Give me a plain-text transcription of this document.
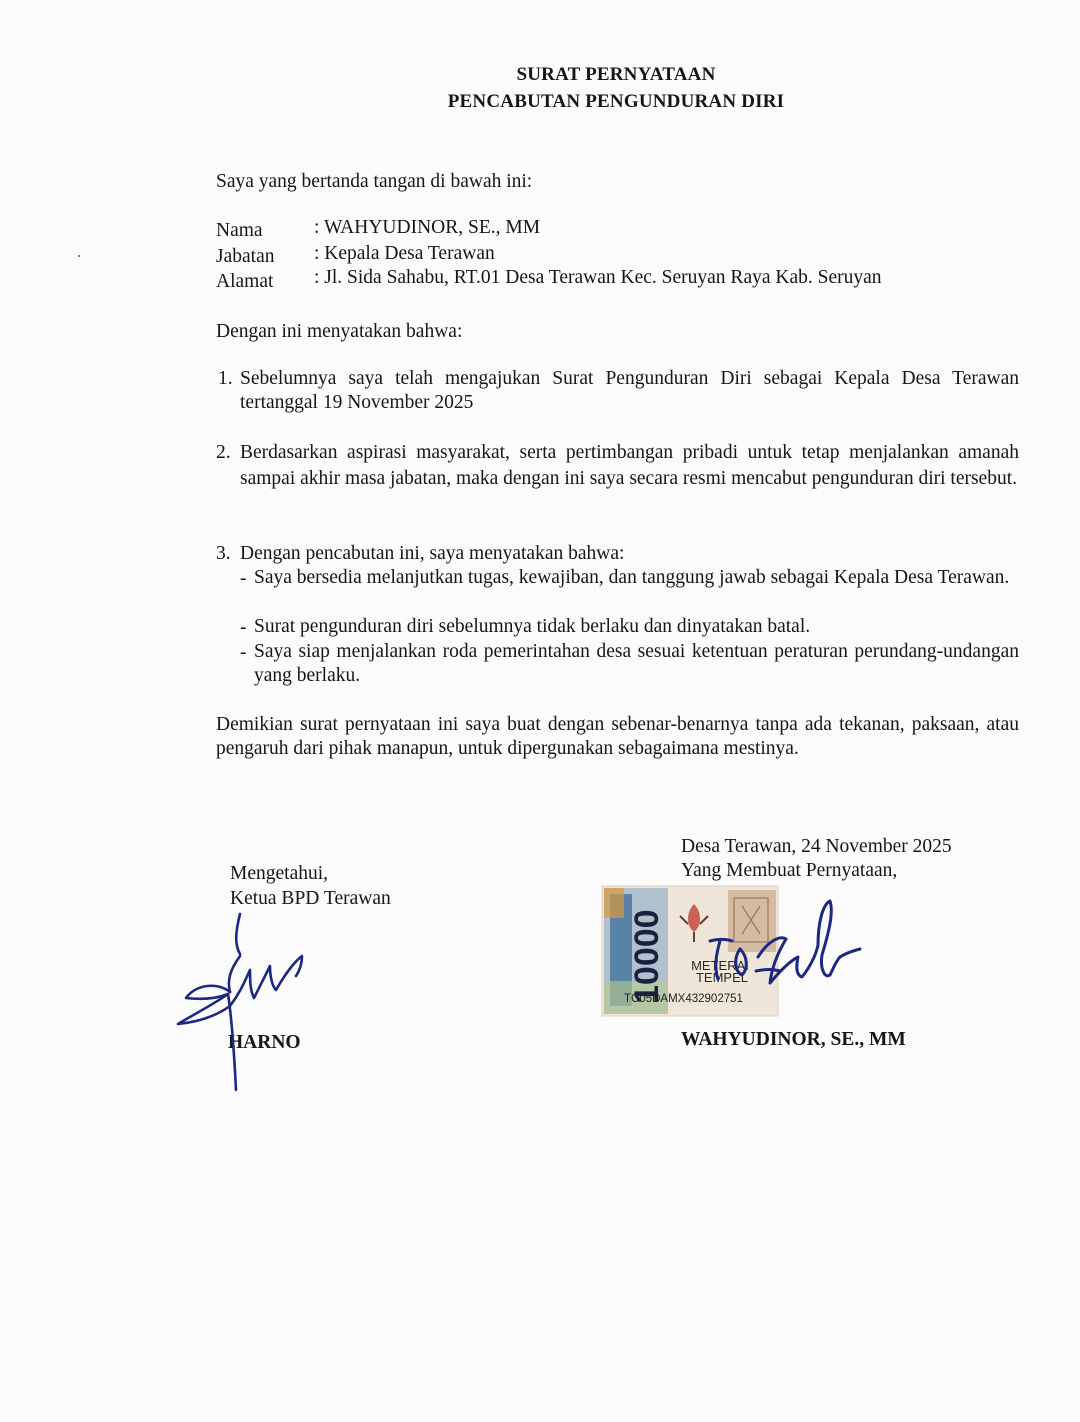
SURAT PERNYATAAN
PENCABUTAN PENGUNDURAN DIRI
Saya yang bertanda tangan di bawah ini:
Nama	: WAHYUDINOR, SE., MM
Jabatan : Kepala Desa Terawan
Alamat : Jl. Sida Sahabu, RT.01 Desa Terawan Kec. Seruyan Raya Kab. Seruyan
Dengan ini menyatakan bahwa:
1. Sebelumnya saya telah mengajukan Surat Pengunduran Diri sebagai Kepala Desa Terawan tertanggal 19 November 2025
2. Berdasarkan aspirasi masyarakat, serta pertimbangan pribadi untuk tetap menjalankan amanah sampai akhir masa jabatan, maka dengan ini saya secara resmi mencabut pengunduran diri tersebut.
3. Dengan pencabutan ini, saya menyatakan bahwa:
- Saya bersedia melanjutkan tugas, kewajiban, dan tanggung jawab sebagai Kepala Desa Terawan.
- Surat pengunduran diri sebelumnya tidak berlaku dan dinyatakan batal.
- Saya siap menjalankan roda pemerintahan desa sesuai ketentuan peraturan perundang-undangan yang berlaku.
Demikian surat pernyataan ini saya buat dengan sebenar-benarnya tanpa ada tekanan, paksaan, atau pengaruh dari pihak manapun, untuk dipergunakan sebagaimana mestinya.
Mengetahui,
Ketua BPD Terawan
HARNO
Desa Terawan, 24 November 2025
Yang Membuat Pernyataan,
WAHYUDINOR, SE., MM
10000 METERAI
TEMPEL
TC05DAMX432902751
